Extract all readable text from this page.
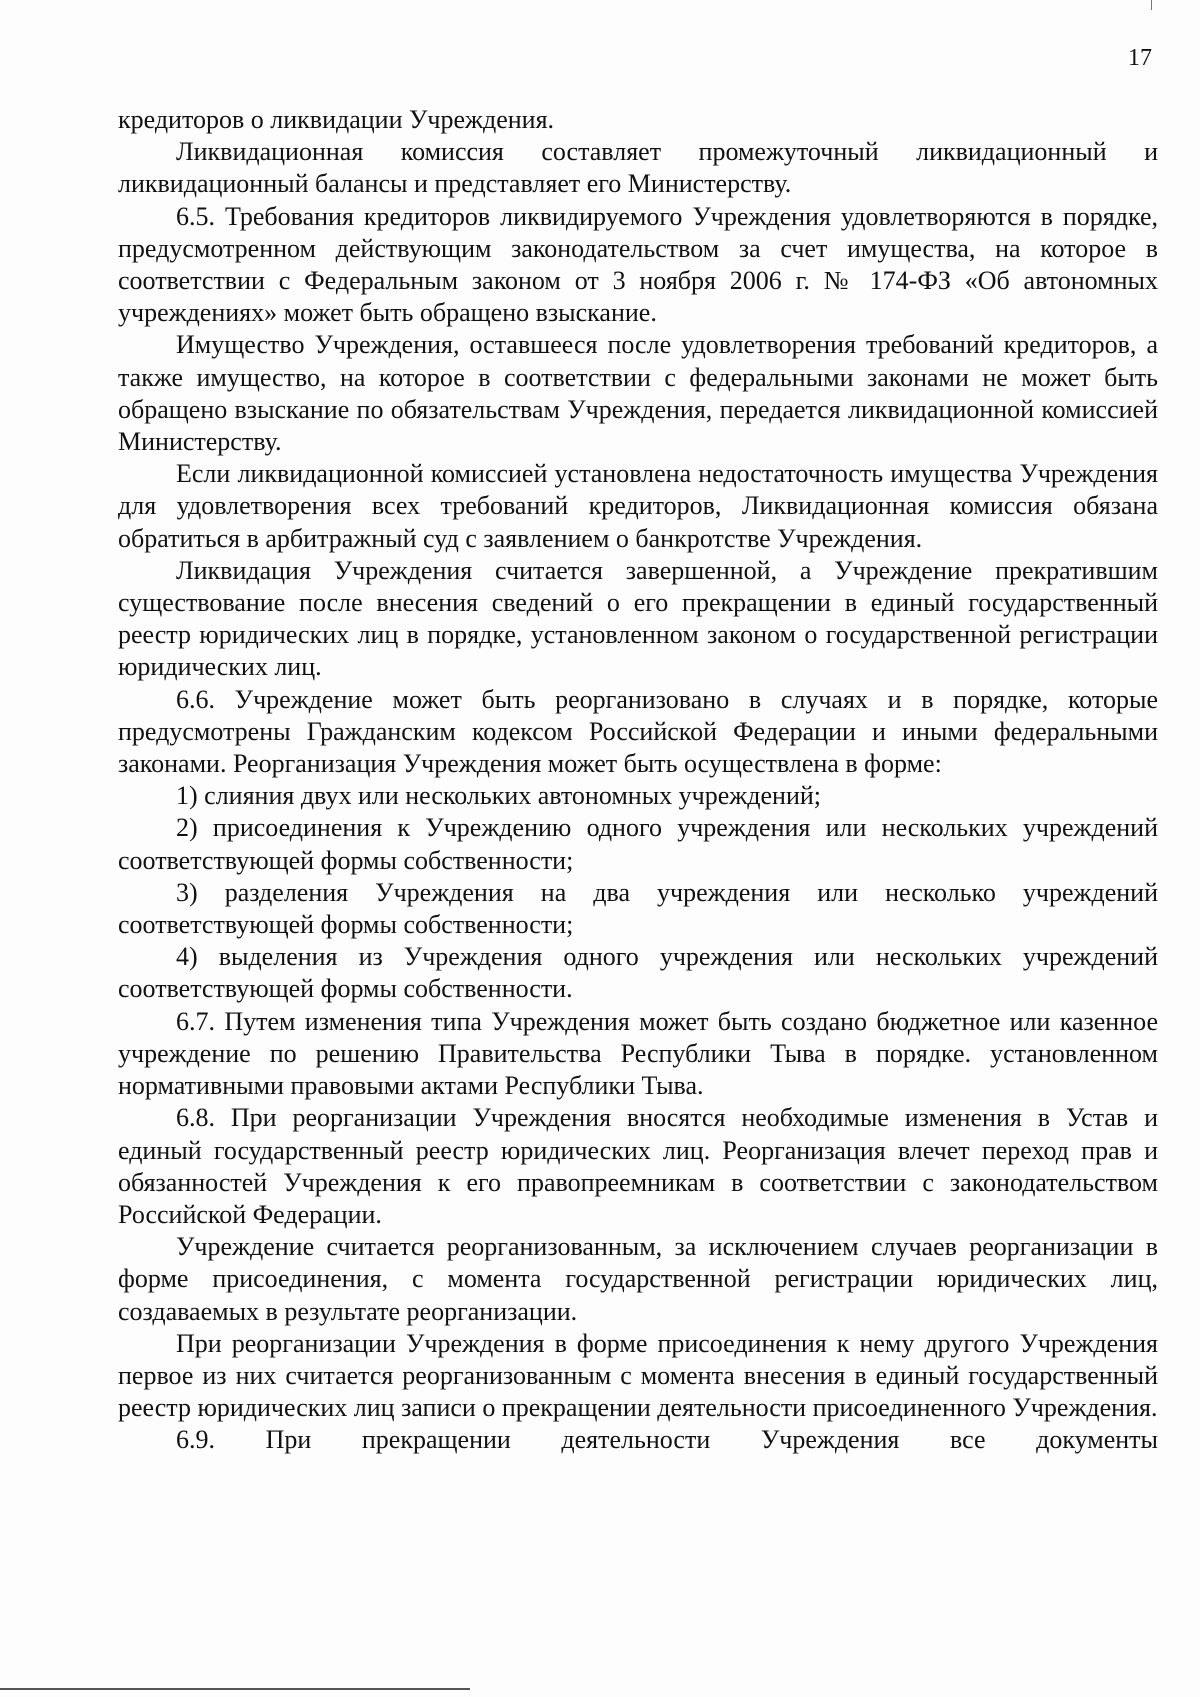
17

кредиторов о ликвидации Учреждения.

Ликвидационная комиссия составляет промежуточный ликвидационный и ликвидационный балансы и представляет его Министерству.

6.5. Требования кредиторов ликвидируемого Учреждения удовлетворяются в порядке, предусмотренном действующим законодательством за счет имущества, на которое в соответствии с Федеральным законом от 3 ноября 2006 г. № 174-ФЗ «Об автономных учреждениях» может быть обращено взыскание.

Имущество Учреждения, оставшееся после удовлетворения требований кредиторов, а также имущество, на которое в соответствии с федеральными законами не может быть обращено взыскание по обязательствам Учреждения, передается ликвидационной комиссией Министерству.

Если ликвидационной комиссией установлена недостаточность имущества Учреждения для удовлетворения всех требований кредиторов, Ликвидационная комиссия обязана обратиться в арбитражный суд с заявлением о банкротстве Учреждения.

Ликвидация Учреждения считается завершенной, а Учреждение прекратившим существование после внесения сведений о его прекращении в единый государственный реестр юридических лиц в порядке, установленном законом о государственной регистрации юридических лиц.

6.6. Учреждение может быть реорганизовано в случаях и в порядке, которые предусмотрены Гражданским кодексом Российской Федерации и иными федеральными законами. Реорганизация Учреждения может быть осуществлена в форме:

1) слияния двух или нескольких автономных учреждений;

2) присоединения к Учреждению одного учреждения или нескольких учреждений соответствующей формы собственности;

3) разделения Учреждения на два учреждения или несколько учреждений соответствующей формы собственности;

4) выделения из Учреждения одного учреждения или нескольких учреждений соответствующей формы собственности.

6.7. Путем изменения типа Учреждения может быть создано бюджетное или казенное учреждение по решению Правительства Республики Тыва в порядке. установленном нормативными правовыми актами Республики Тыва.

6.8. При реорганизации Учреждения вносятся необходимые изменения в Устав и единый государственный реестр юридических лиц. Реорганизация влечет переход прав и обязанностей Учреждения к его правопреемникам в соответствии с законодательством Российской Федерации.

Учреждение считается реорганизованным, за исключением случаев реорганизации в форме присоединения, с момента государственной регистрации юридических лиц, создаваемых в результате реорганизации.

При реорганизации Учреждения в форме присоединения к нему другого Учреждения первое из них считается реорганизованным с момента внесения в единый государственный реестр юридических лиц записи о прекращении деятельности присоединенного Учреждения.

6.9. При прекращении деятельности Учреждения все документы
